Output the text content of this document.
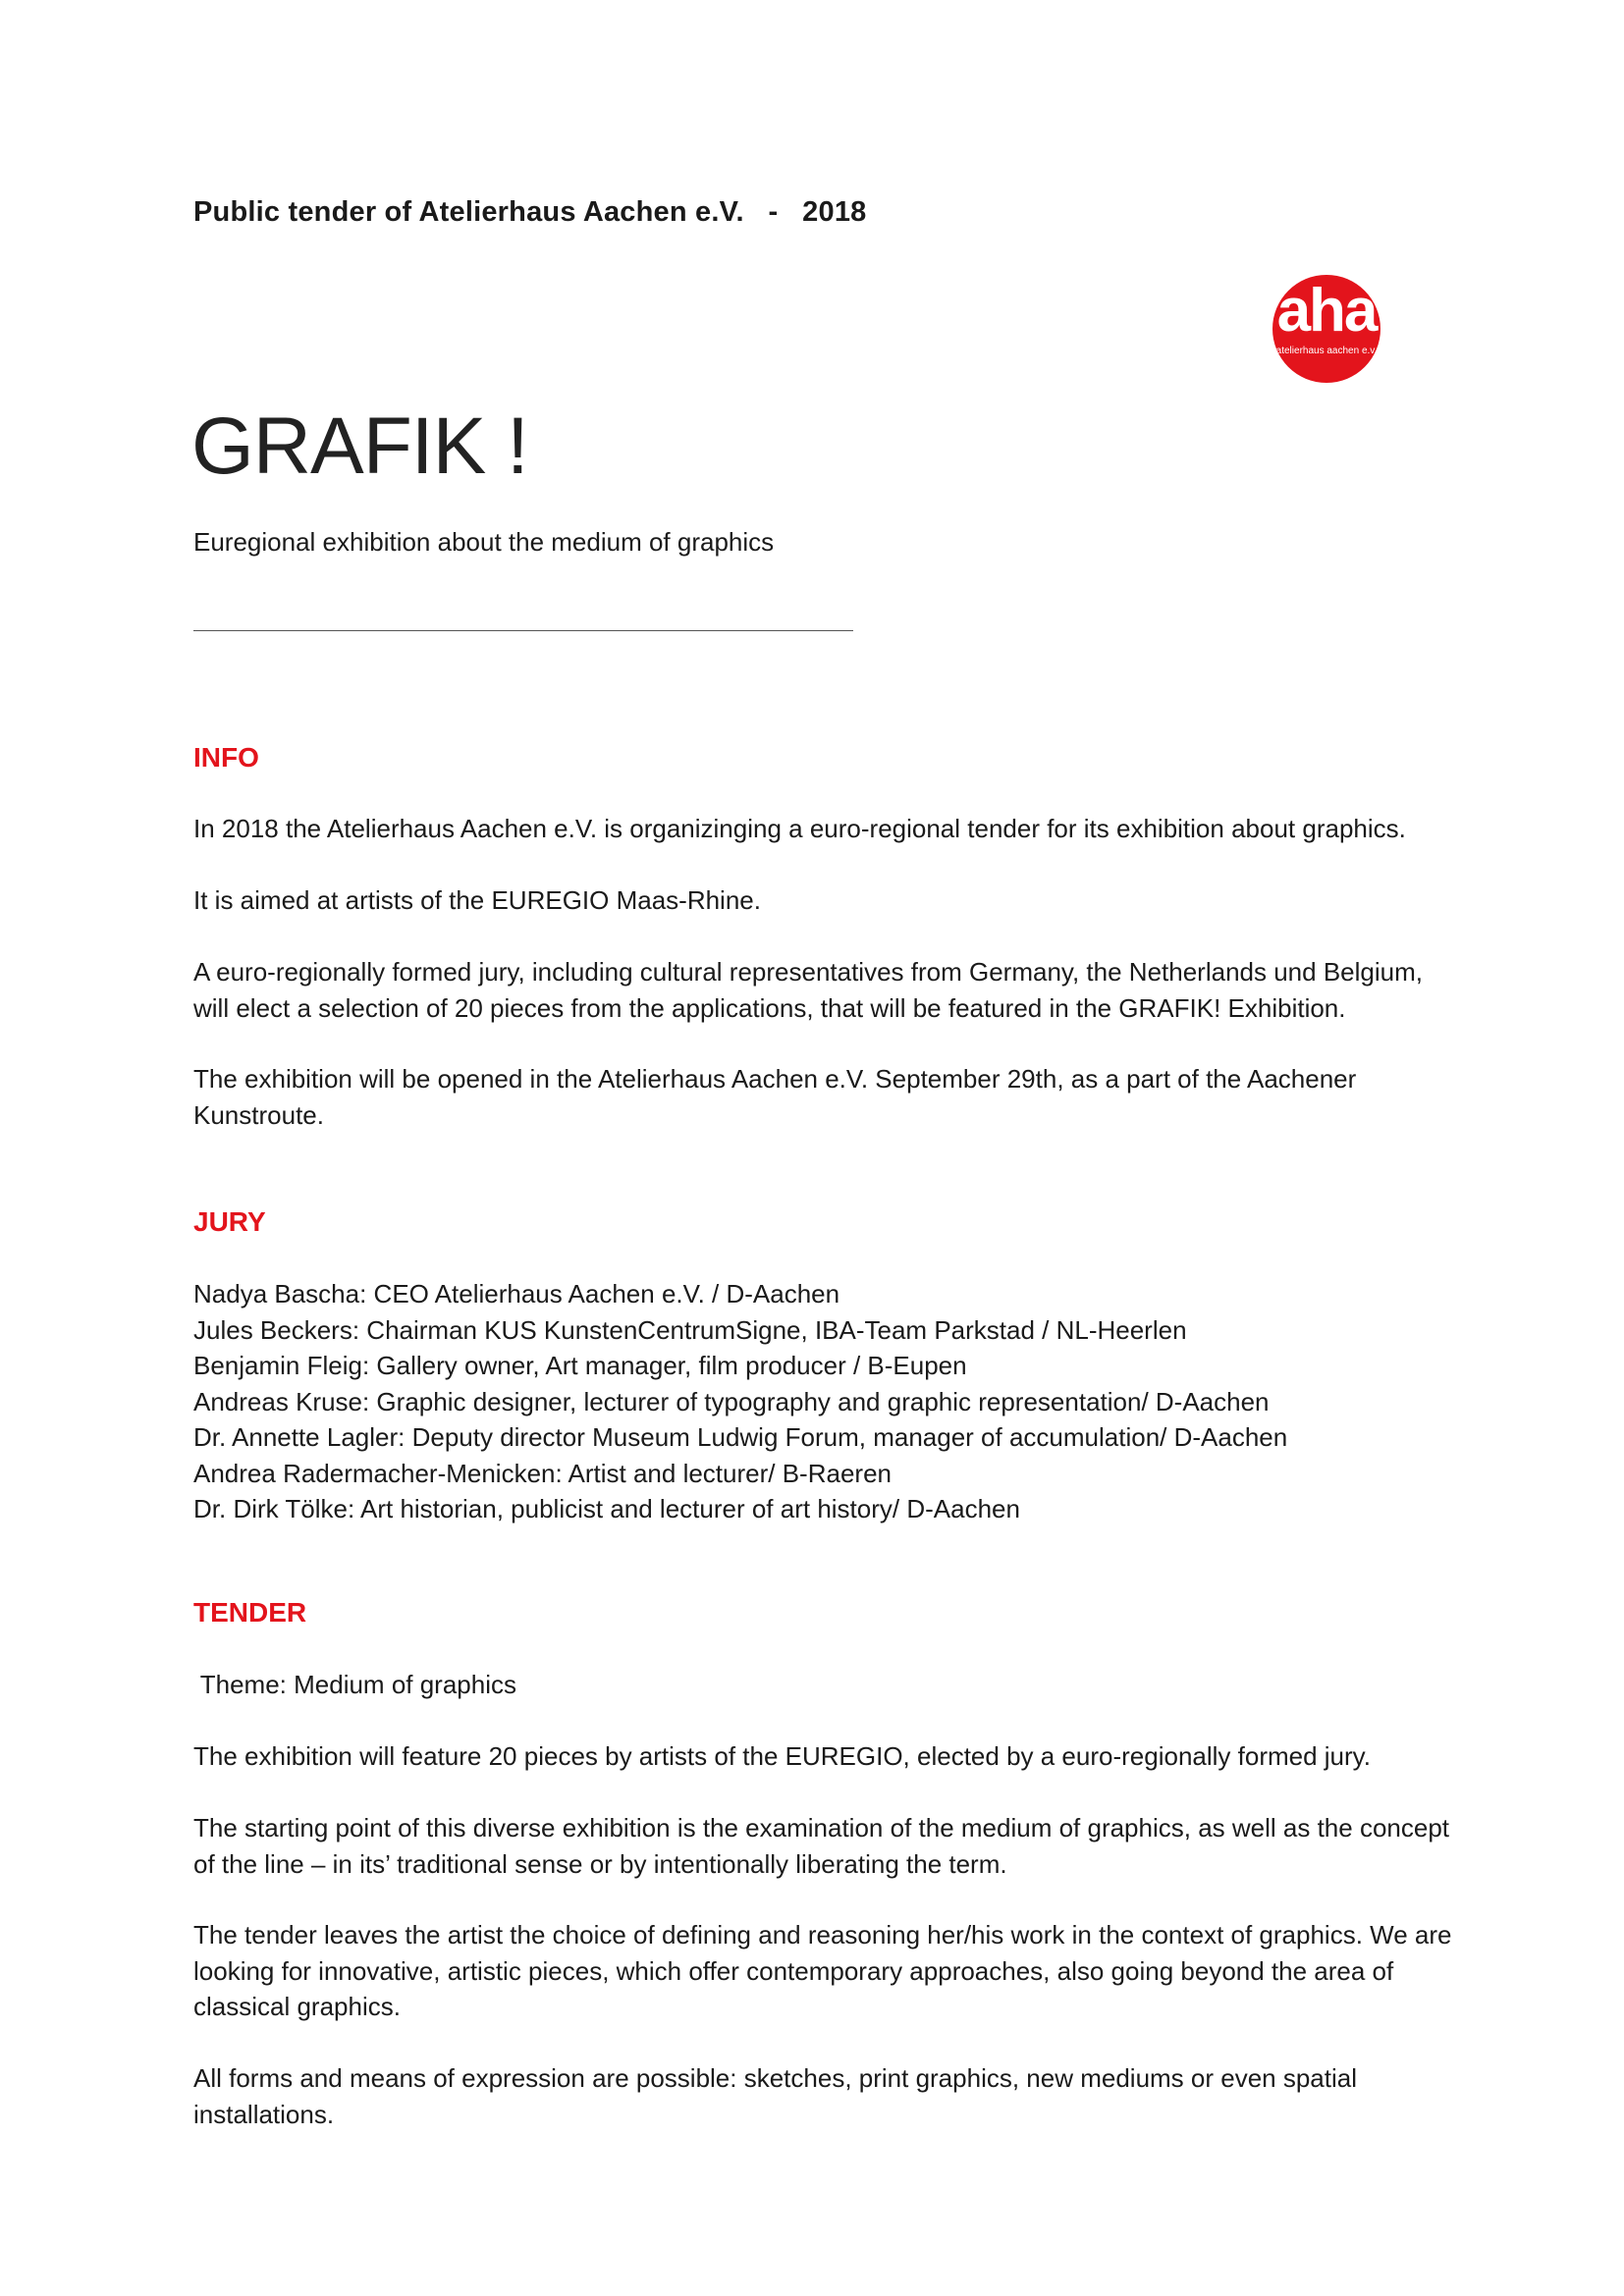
Public tender of Atelierhaus Aachen e.V.   -   2018
aha
atelierhaus aachen e.v.
GRAFIK !
Euregional exhibition about the medium of graphics
INFO

In 2018 the Atelierhaus Aachen e.V. is organizinging a euro-regional tender for its exhibition about graphics.

It is aimed at artists of the EUREGIO Maas-Rhine.

A euro-regionally formed jury, including cultural representatives from Germany, the Netherlands und Belgium, will elect a selection of 20 pieces from the applications, that will be featured in the GRAFIK! Exhibition.

The exhibition will be opened in the Atelierhaus Aachen e.V. September 29th, as a part of the Aachener Kunstroute.

JURY
Nadya Bascha: CEO Atelierhaus Aachen e.V. / D-Aachen
Jules Beckers: Chairman KUS KunstenCentrumSigne, IBA-Team Parkstad / NL-Heerlen
Benjamin Fleig: Gallery owner, Art manager, film producer / B-Eupen
Andreas Kruse: Graphic designer, lecturer of typography and graphic representation/ D-Aachen
Dr. Annette Lagler: Deputy director Museum Ludwig Forum, manager of accumulation/ D-Aachen
Andrea Radermacher-Menicken: Artist and lecturer/ B-Raeren
Dr. Dirk Tölke: Art historian, publicist and lecturer of art history/ D-Aachen
TENDER

Theme: Medium of graphics

The exhibition will feature 20 pieces by artists of the EUREGIO, elected by a euro-regionally formed jury.

The starting point of this diverse exhibition is the examination of the medium of graphics, as well as the concept of the line – in its’ traditional sense or by intentionally liberating the term.

The tender leaves the artist the choice of defining and reasoning her/his work in the context of graphics. We are looking for innovative, artistic pieces, which offer contemporary approaches, also going beyond the area of classical graphics.

All forms and means of expression are possible: sketches, print graphics, new mediums or even spatial installations.
